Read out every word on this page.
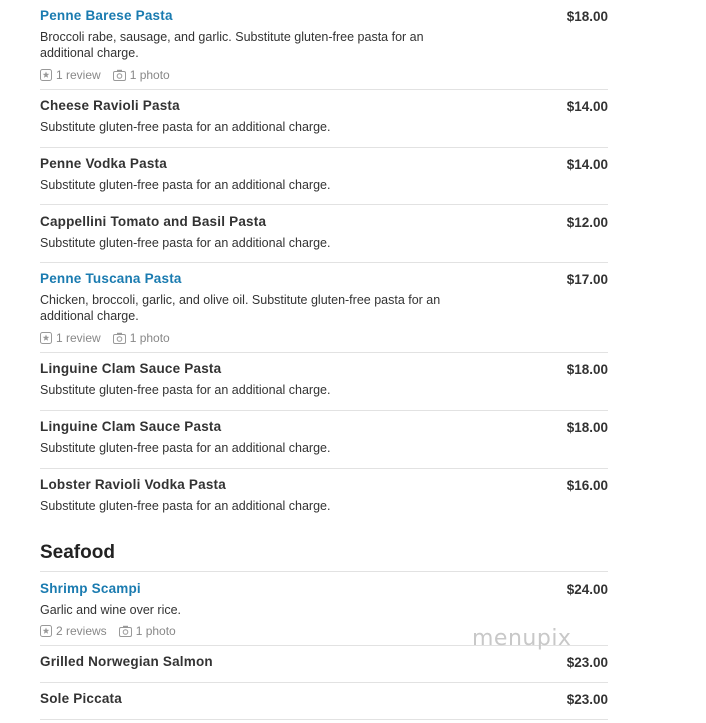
Penne Barese Pasta	$18.00
Broccoli rabe, sausage, and garlic. Substitute gluten-free pasta for an additional charge.
1 review 1 photo
Cheese Ravioli Pasta	$14.00
Substitute gluten-free pasta for an additional charge.
Penne Vodka Pasta	$14.00
Substitute gluten-free pasta for an additional charge.
Cappellini Tomato and Basil Pasta	$12.00
Substitute gluten-free pasta for an additional charge.
Penne Tuscana Pasta	$17.00
Chicken, broccoli, garlic, and olive oil. Substitute gluten-free pasta for an additional charge.
1 review 1 photo
Linguine Clam Sauce Pasta	$18.00
Substitute gluten-free pasta for an additional charge.
Linguine Clam Sauce Pasta	$18.00
Substitute gluten-free pasta for an additional charge.
Lobster Ravioli Vodka Pasta	$16.00
Substitute gluten-free pasta for an additional charge.
Seafood
Shrimp Scampi	$24.00
Garlic and wine over rice.
2 reviews 1 photo
Grilled Norwegian Salmon	$23.00
Sole Piccata	$23.00
menupix
